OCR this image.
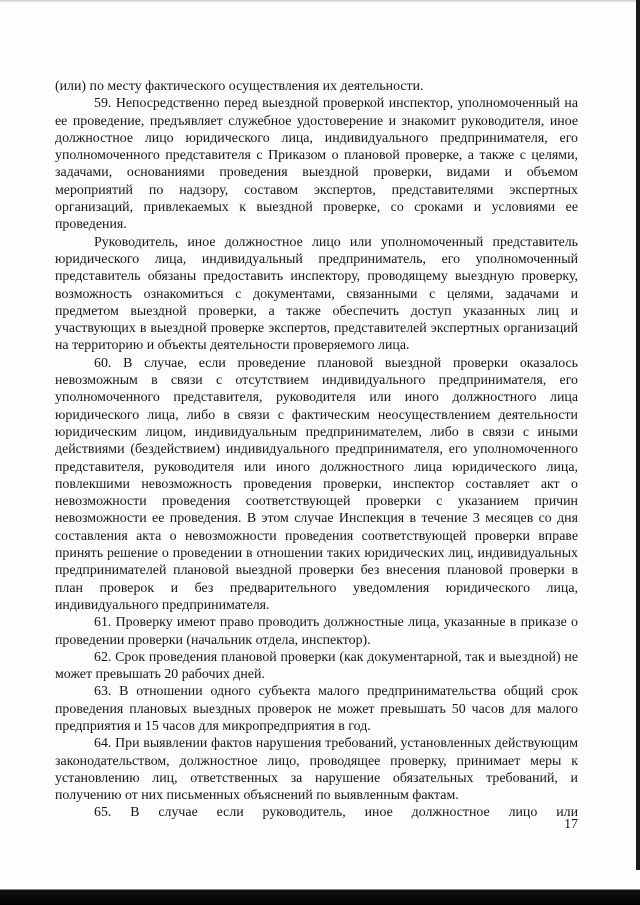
(или) по месту фактического осуществления их деятельности.

59. Непосредственно перед выездной проверкой инспектор, уполномоченный на ее проведение, предъявляет служебное удостоверение и знакомит руководителя, иное должностное лицо юридического лица, индивидуального предпринимателя, его уполномоченного представителя с Приказом о плановой проверке, а также с целями, задачами, основаниями проведения выездной проверки, видами и объемом мероприятий по надзору, составом экспертов, представителями экспертных организаций, привлекаемых к выездной проверке, со сроками и условиями ее проведения.

Руководитель, иное должностное лицо или уполномоченный представитель юридического лица, индивидуальный предприниматель, его уполномоченный представитель обязаны предоставить инспектору, проводящему выездную проверку, возможность ознакомиться с документами, связанными с целями, задачами и предметом выездной проверки, а также обеспечить доступ указанных лиц и участвующих в выездной проверке экспертов, представителей экспертных организаций на территорию и объекты деятельности проверяемого лица.

60. В случае, если проведение плановой выездной проверки оказалось невозможным в связи с отсутствием индивидуального предпринимателя, его уполномоченного представителя, руководителя или иного должностного лица юридического лица, либо в связи с фактическим неосуществлением деятельности юридическим лицом, индивидуальным предпринимателем, либо в связи с иными действиями (бездействием) индивидуального предпринимателя, его уполномоченного представителя, руководителя или иного должностного лица юридического лица, повлекшими невозможность проведения проверки, инспектор составляет акт о невозможности проведения соответствующей проверки с указанием причин невозможности ее проведения. В этом случае Инспекция в течение 3 месяцев со дня составления акта о невозможности проведения соответствующей проверки вправе принять решение о проведении в отношении таких юридических лиц, индивидуальных предпринимателей плановой выездной проверки без внесения плановой проверки в план проверок и без предварительного уведомления юридического лица, индивидуального предпринимателя.

61. Проверку имеют право проводить должностные лица, указанные в приказе о проведении проверки (начальник отдела, инспектор).

62. Срок проведения плановой проверки (как документарной, так и выездной) не может превышать 20 рабочих дней.

63. В отношении одного субъекта малого предпринимательства общий срок проведения плановых выездных проверок не может превышать 50 часов для малого предприятия и 15 часов для микропредприятия в год.

64. При выявлении фактов нарушения требований, установленных действующим законодательством, должностное лицо, проводящее проверку, принимает меры к установлению лиц, ответственных за нарушение обязательных требований, и получению от них письменных объяснений по выявленным фактам.

65. В случае если руководитель, иное должностное лицо или

17
